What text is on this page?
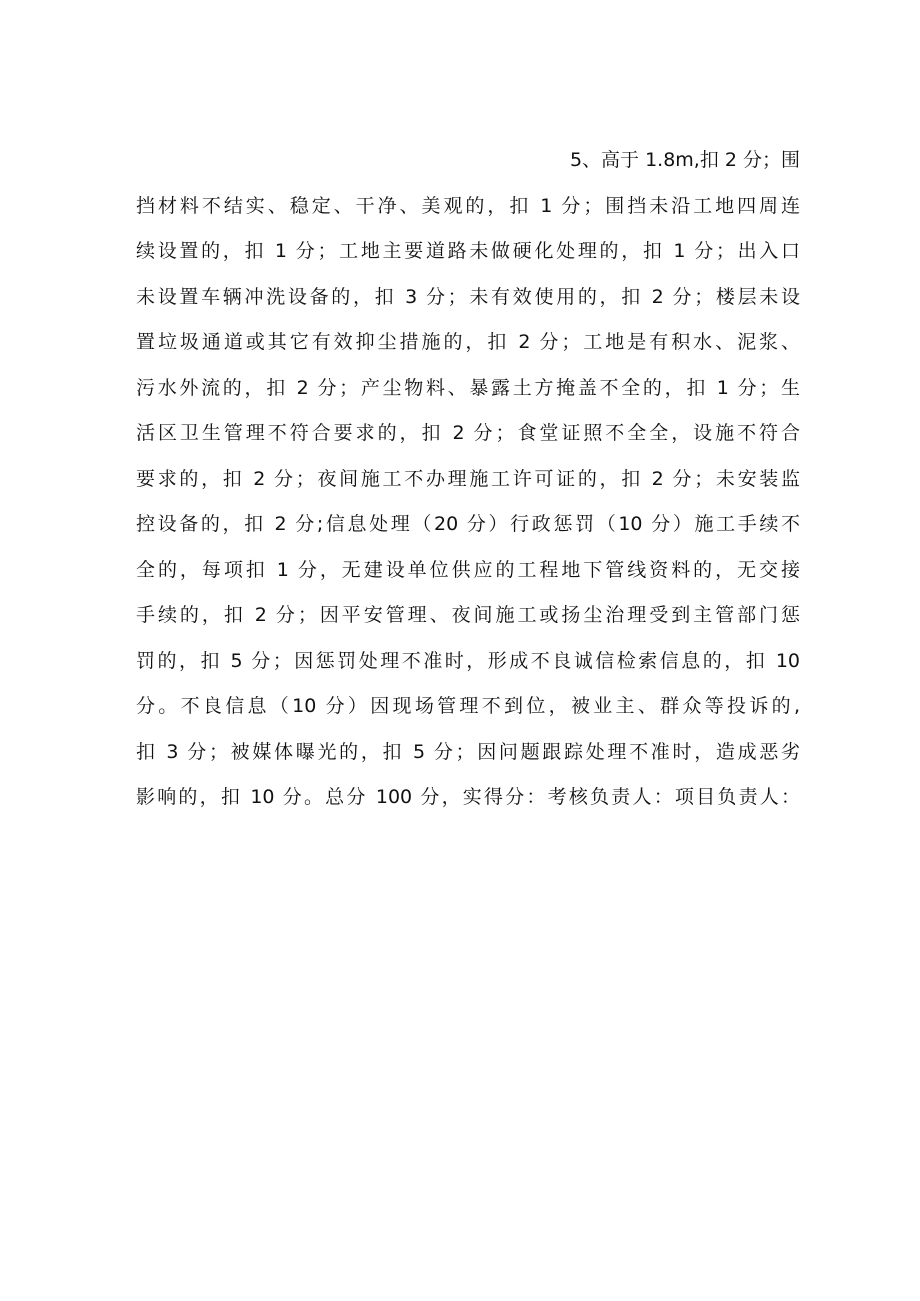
5、高于 1.8m,扣 2 分；围
挡材料不结实、稳定、干净、美观的，扣 1 分；围挡未沿工地四周连
续设置的，扣 1 分；工地主要道路未做硬化处理的，扣 1 分；出入口
未设置车辆冲洗设备的，扣 3 分；未有效使用的，扣 2 分；楼层未设
置垃圾通道或其它有效抑尘措施的，扣 2 分；工地是有积水、泥浆、
污水外流的，扣 2 分；产尘物料、暴露土方掩盖不全的，扣 1 分；生
活区卫生管理不符合要求的，扣 2 分；食堂证照不全全，设施不符合
要求的，扣 2 分；夜间施工不办理施工许可证的，扣 2 分；未安装监
控设备的，扣 2 分;信息处理（20 分）行政惩罚（10 分）施工手续不
全的，每项扣 1 分，无建设单位供应的工程地下管线资料的，无交接
手续的，扣 2 分；因平安管理、夜间施工或扬尘治理受到主管部门惩
罚的，扣 5 分；因惩罚处理不准时，形成不良诚信检索信息的，扣 10
分。不良信息（10 分）因现场管理不到位，被业主、群众等投诉的,
扣 3 分；被媒体曝光的，扣 5 分；因问题跟踪处理不准时，造成恶劣
影响的，扣 10 分。总分 100 分，实得分：考核负责人：项目负责人：
